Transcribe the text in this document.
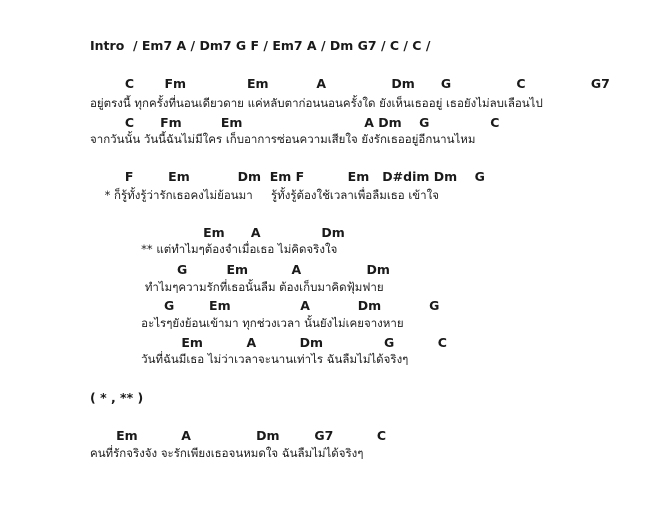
Intro  / Em7 A / Dm7 G F / Em7 A / Dm G7 / C / C /
C       Fm              Em           A               Dm      G               C               G7
อยู่ตรงนี้ ทุกครั้งที่นอนเดียวดาย แค่หลับตาก่อนนอนครั้งใด ยังเห็นเธออยู่ เธอยังไม่ลบเลือนไป
C      Fm         Em                            A Dm    G              C
จากวันนั้น วันนี้ฉันไม่มีใคร เก็บอาการซ่อนความเสียใจ ยังรักเธออยู่อีกนานไหม
F        Em           Dm  Em F          Em   D#dim Dm    G
* ก็รู้ทั้งรู้ว่ารักเธอคงไม่ย้อนมา     รู้ทั้งรู้ต้องใช้เวลาเพื่อลืมเธอ เข้าใจ
Em      A              Dm
** แต่ทำไมๆต้องจำเมื่อเธอ ไม่คิดจริงใจ
G         Em          A               Dm
ทำไมๆความรักที่เธอนั้นลืม ต้องเก็บมาคิดฟุ้มฟาย
G        Em                A           Dm           G
อะไรๆยังย้อนเข้ามา ทุกช่วงเวลา นั้นยังไม่เคยจางหาย
Em          A          Dm              G          C
วันที่ฉันมีเธอ ไม่ว่าเวลาจะนานเท่าไร ฉันลืมไม่ได้จริงๆ
( * , ** )
Em          A               Dm        G7          C
คนที่รักจริงจัง จะรักเพียงเธอจนหมดใจ ฉันลืมไม่ได้จริงๆ
